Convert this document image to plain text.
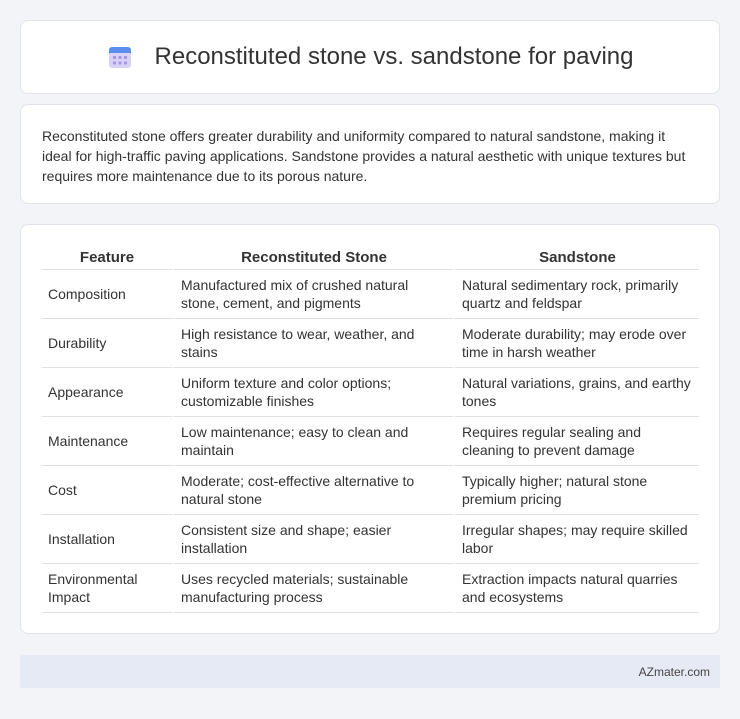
Reconstituted stone vs. sandstone for paving

Reconstituted stone offers greater durability and uniformity compared to natural sandstone, making it ideal for high-traffic paving applications. Sandstone provides a natural aesthetic with unique textures but requires more maintenance due to its porous nature.

Feature	Reconstituted Stone	Sandstone
Composition	Manufactured mix of crushed natural stone, cement, and pigments	Natural sedimentary rock, primarily quartz and feldspar
Durability	High resistance to wear, weather, and stains	Moderate durability; may erode over time in harsh weather
Appearance	Uniform texture and color options; customizable finishes	Natural variations, grains, and earthy tones
Maintenance	Low maintenance; easy to clean and maintain	Requires regular sealing and cleaning to prevent damage
Cost	Moderate; cost-effective alternative to natural stone	Typically higher; natural stone premium pricing
Installation	Consistent size and shape; easier installation	Irregular shapes; may require skilled labor
Environmental Impact	Uses recycled materials; sustainable manufacturing process	Extraction impacts natural quarries and ecosystems
AZmater.com
